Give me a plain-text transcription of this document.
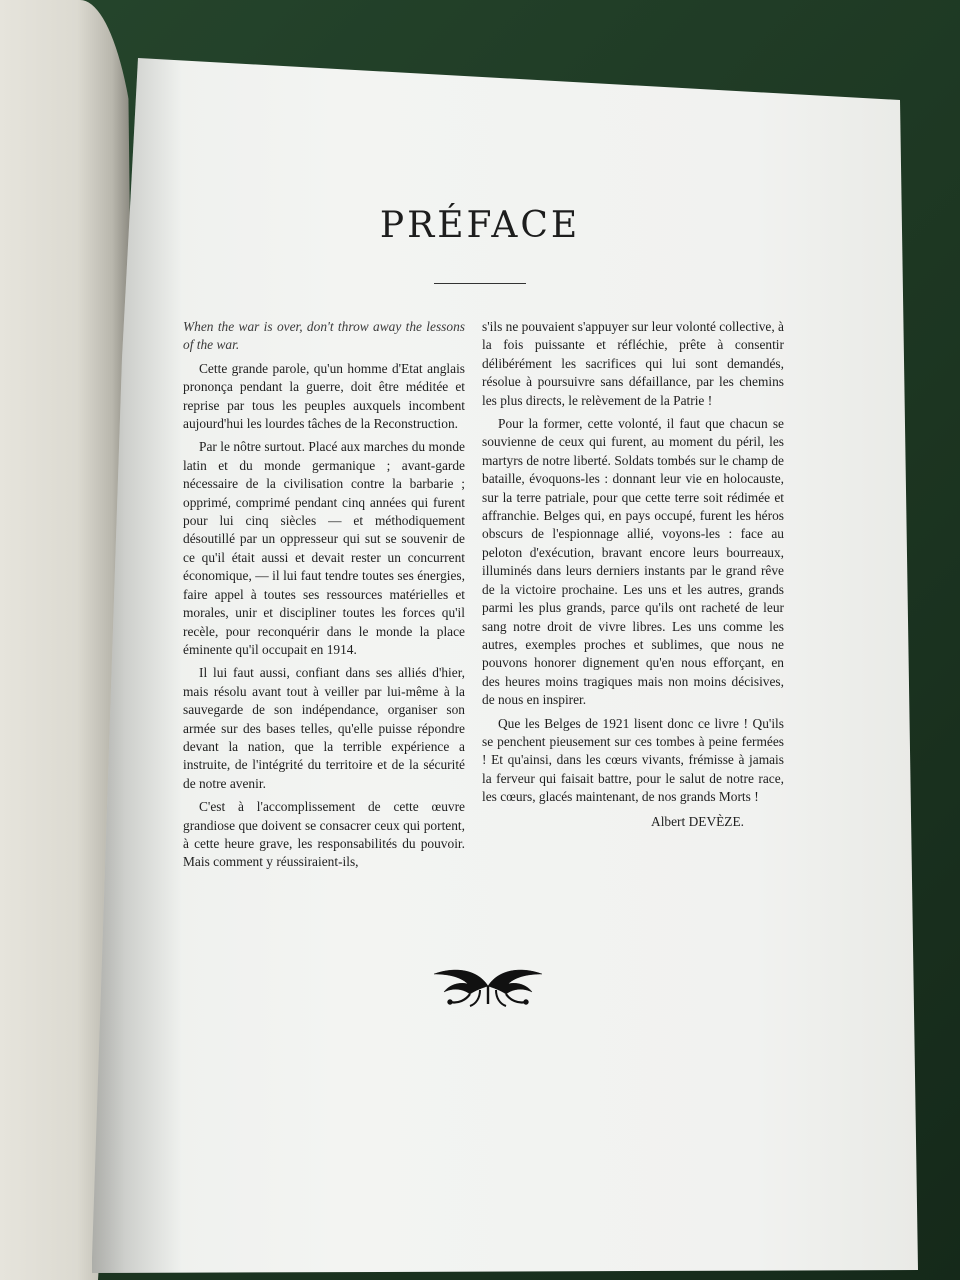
PRÉFACE

When the war is over, don't throw away the lessons of the war.

Cette grande parole, qu'un homme d'Etat anglais prononça pendant la guerre, doit être méditée et reprise par tous les peuples auxquels incombent aujourd'hui les lourdes tâches de la Reconstruction.

Par le nôtre surtout. Placé aux marches du monde latin et du monde germanique ; avant-garde nécessaire de la civilisation contre la barbarie ; opprimé, comprimé pendant cinq années qui furent pour lui cinq siècles — et méthodiquement désoutillé par un oppresseur qui sut se souvenir de ce qu'il était aussi et devait rester un concurrent économique, — il lui faut tendre toutes ses énergies, faire appel à toutes ses ressources matérielles et morales, unir et discipliner toutes les forces qu'il recèle, pour reconquérir dans le monde la place éminente qu'il occupait en 1914.

Il lui faut aussi, confiant dans ses alliés d'hier, mais résolu avant tout à veiller par lui-même à la sauvegarde de son indépendance, organiser son armée sur des bases telles, qu'elle puisse répondre devant la nation, que la terrible expérience a instruite, de l'intégrité du territoire et de la sécurité de notre avenir.

C'est à l'accomplissement de cette œuvre grandiose que doivent se consacrer ceux qui portent, à cette heure grave, les responsabilités du pouvoir. Mais comment y réussiraient-ils,

s'ils ne pouvaient s'appuyer sur leur volonté collective, à la fois puissante et réfléchie, prête à consentir délibérément les sacrifices qui lui sont demandés, résolue à poursuivre sans défaillance, par les chemins les plus directs, le relèvement de la Patrie !

Pour la former, cette volonté, il faut que chacun se souvienne de ceux qui furent, au moment du péril, les martyrs de notre liberté. Soldats tombés sur le champ de bataille, évoquons-les : donnant leur vie en holocauste, sur la terre patriale, pour que cette terre soit rédimée et affranchie. Belges qui, en pays occupé, furent les héros obscurs de l'espionnage allié, voyons-les : face au peloton d'exécution, bravant encore leurs bourreaux, illuminés dans leurs derniers instants par le grand rêve de la victoire prochaine. Les uns et les autres, grands parmi les plus grands, parce qu'ils ont racheté de leur sang notre droit de vivre libres. Les uns comme les autres, exemples proches et sublimes, que nous ne pouvons honorer dignement qu'en nous efforçant, en des heures moins tragiques mais non moins décisives, de nous en inspirer.

Que les Belges de 1921 lisent donc ce livre ! Qu'ils se penchent pieusement sur ces tombes à peine fermées ! Et qu'ainsi, dans les cœurs vivants, frémisse à jamais la ferveur qui faisait battre, pour le salut de notre race, les cœurs, glacés maintenant, de nos grands Morts !

Albert DEVÈZE.
